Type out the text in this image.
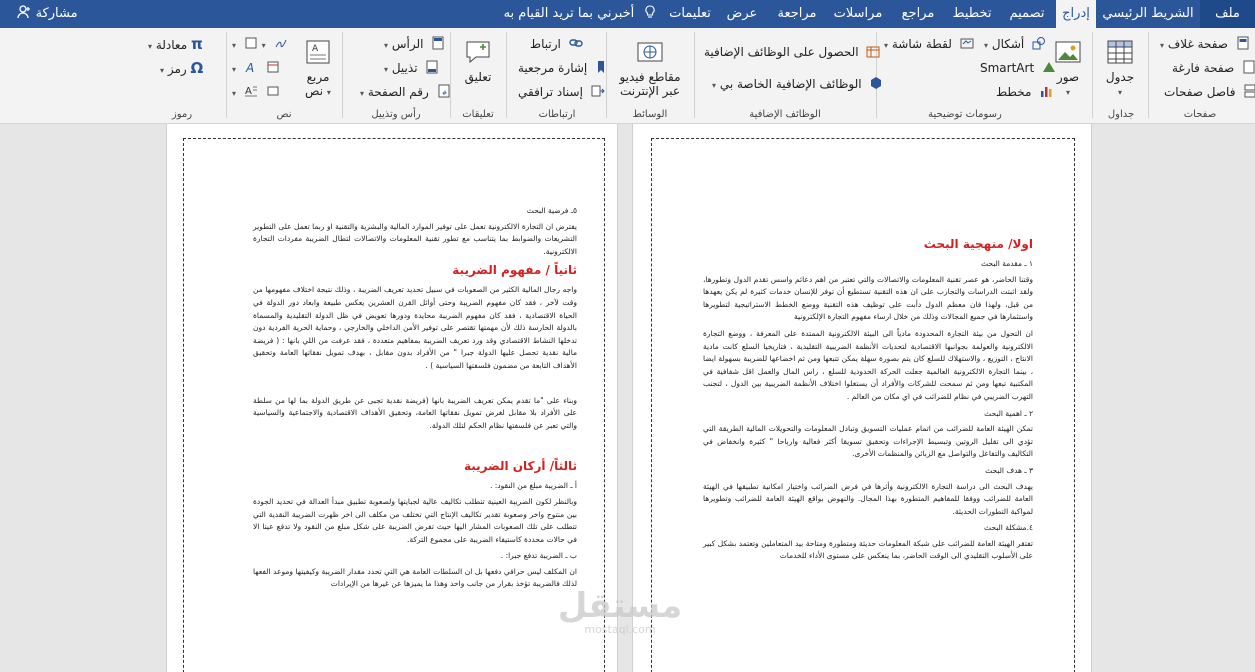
مشاركة	أخبرني بما تريد القيام به	تعليمات	عرض	مراجعة	مراسلات	مراجع	تخطيط	تصميم	إدراج الشريط الرئيسي	ملف
▾ صفحة غلاف
صفحة فارغة
فاصل صفحات
صفحات
جدول
▾
جداول
صور
▾
▾ أشكال
SmartArt
مخطط
▾ لقطة شاشة
رسومات توضيحية
الحصول على الوظائف الإضافية
▾ الوظائف الإضافية الخاصة بي
الوظائف الإضافية
مقاطع فيديو
عبر الإنترنت
الوسائط
ارتباط
إشارة مرجعية
إسناد ترافقي
ارتباطات
تعليق
تعليقات
▾ الرأس
▾ تذييل
▾ رقم الصفحة #
رأس وتذييل
A
مربع
نص ▾
▾	▾
▾ A

▾ A

نص
▾ معادلة π
▾ رمز Ω
رموز
٥ـ فرضية البحث

يفترض ان التجارة الالكترونية تعمل على توفير الموارد المالية والبشرية والتقنية او ربما تعمل على التطوير التشريعات والضوابط بما يتناسب مع تطور تقنية المعلومات والاتصالات لتطال الضريبة مفردات التجارة الالكترونية.

ثانياً / مفهوم الضريبة

واجه رجال المالية الكثير من الصعوبات في سبيل تحديد تعريف الضريبة ، وذلك نتيجة اختلاف مفهومها من وقت لآخر ، فقد كان مفهوم الضريبة وحتى أوائل القرن العشرين يعكس طبيعة وابعاد دور الدولة في الحياة الاقتصادية ، فقد كان مفهوم الضريبة محايدة ودورها تعويض في ظل الدولة التقليدية والمسماة بالدولة الحارسة ذلك لأن مهمتها تقتصر على توفير الأمن الداخلي والخارجي ، وحماية الحرية الفردية دون تدخلها النشاط الاقتصادي وقد ورد تعريف الضريبة بمفاهيم متعددة ، فقد عرفت من اللي بانها : ( فريضة مالية نقدية تحصل عليها الدولة جبرا " من الأفراد بدون مقابل ، بهدف تمويل نفقاتها العامة وتحقيق الأهداف التابعة من مضمون فلسفتها السياسية ) .

وبناء على "ما تقدم يمكن تعريف الضريبة بانها (فريضة نقدية تجبى عن طريق الدولة بما لها من سلطة على الأفراد بلا مقابل لغرض تمويل نفقاتها العامة، وتحقيق الأهداف الاقتصادية والاجتماعية والسياسية والتي تعبر عن فلسفتها نظام الحكم لتلك الدولة.

ثالثاً/ أركان الضريبة
أ ـ الضريبة مبلغ من النقود: .

وبالنظر لكون الضريبة العينية تتطلب تكاليف عالية لجبايتها ولصعوبة تطبيق مبدأ العدالة في تحديد الجودة بين منتوج واخر وصعوبة تقدير تكاليف الإنتاج التي تختلف من مكلف الى اخر ظهرت الضريبة النقدية التي تتطلب على تلك الصعوبات المشار اليها حيث تفرض الضريبة على شكل مبلغ من النقود ولا تدفع عينا الا في حالات محددة كاستيفاء الضريبة على مجموع التركة.

ب ـ الضريبة تدفع جبرا: .

ان المكلف ليس حرافي دفعها بل ان السلطات العامة هي التي تحدد مقدار الضريبة وكيفيتها وموعد الفعها لذلك فالضريبة تؤخذ بقرار من جانب واحد وهذا ما يميزها عن غيرها من الإيرادات

اولا/ منهجية البحث
١ ـ مقدمة البحث

وقتنا الحاضر، هو عصر تقنية المعلومات والاتصالات والتي تعتبر من اهم دعائم واسس تقدم الدول وتطورها، ولقد اثبتت الدراسات والتجارب على ان هذه التقنية تستطيع أن توفر للإنسان خدمات كثيرة لم يكن يعهدها من قبل، ولهذا فان معظم الدول دأبت على توظيف هذه التقنية ووضع الخطط الاستراتيجية لتطويرها واستثمارها في جميع المجالات وذلك من خلال ارساء مفهوم التجارة الإلكترونية

ان التحول من بيئة التجارة المحدودة مادياً الى البيئة الالكترونية الممتدة على المعرفة ، ووضع التجارة الالكترونية والعولمة بجوانبها الاقتصادية لتحديات الأنظمة الضريبية التقليدية ، فتاريخيا السلع كانت مادية الانتاج ، التوزيع ، والاستهلاك للسلع كان يتم بصورة سهلة يمكن تتبعها ومن ثم اخضاعها للضريبة بسهولة ايضا ، بينما التجارة الالكترونية العالمية جعلت الحركة الحدودية للسلع ، راس المال والعمل اقل شفافية في المكتبية تبعها ومن ثم سمحت للشركات والأفراد أن يستغلوا اختلاف الأنظمة الضريبية بين الدول ، لتجنب التهرب الضريبي في نظام للضرائب في اي مكان من العالم .

٢ ـ اهمية البحث

تمكن الهيئة العامة للضرائب من اتمام عمليات التسويق وتبادل المعلومات والتحويلات المالية الطريقة التي تؤدي الى تقليل الروتين وتبسيط الإجراءات وتحقيق تسويقا أكثر فعالية وارباحا " كثيرة وانخفاض في التكاليف والتفاعل والتواصل مع الزبائن والمنظمات الأخرى.

٣ ـ هدف البحث

يهدف البحث الى دراسة التجارة الالكترونية وأثرها في فرض الضرائب واختيار امكانية تطبيقها في الهيئة العامة للضرائب ووفقا للمفاهيم المتطورة بهذا المجال. والنهوض بواقع الهيئة العامة للضرائب وتطويرها لمواكبة التطورات الحديثة.

٤.مشكلة البحث

تفتقر الهيئة العامة للضرائب على شبكة المعلومات حديثة ومتطورة ومتاحة بيد المتعاملين وتعتمد بشكل كبير على الأسلوب التقليدي الى الوقت الحاضر، بما ينعكس على مستوى الأداء للخدمات

مستقل
mostaql.com
